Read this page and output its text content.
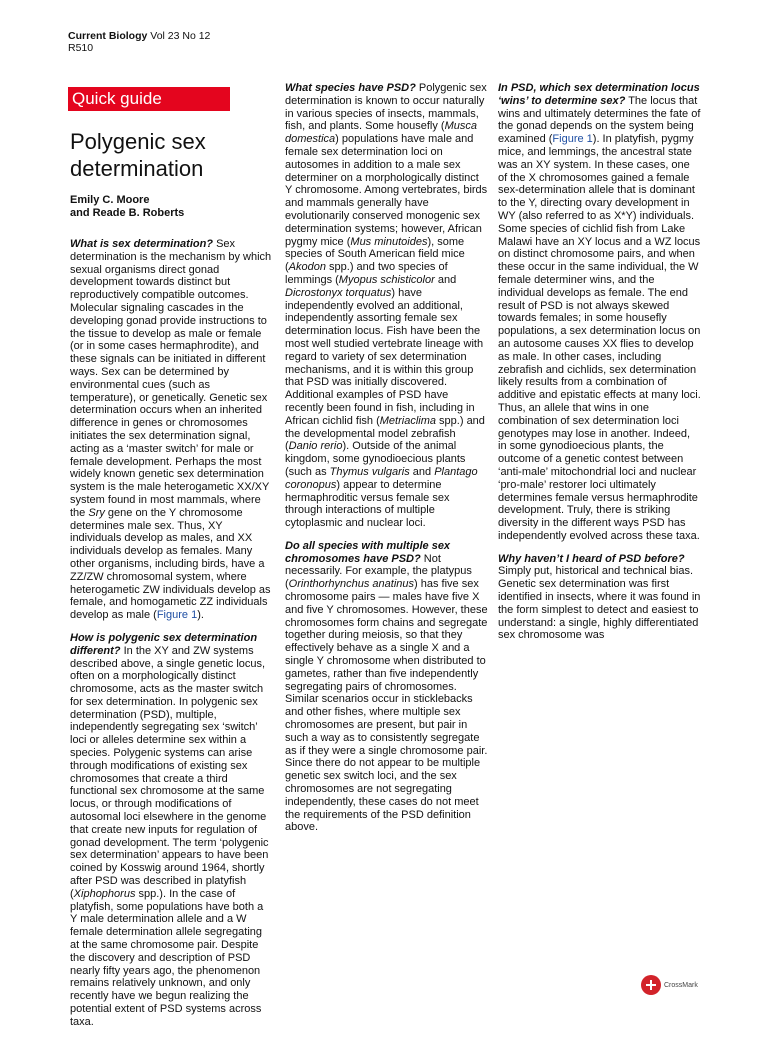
Current Biology Vol 23 No 12
R510
Quick guide
Polygenic sex
determination
Emily C. Moore
and Reade B. Roberts

What is sex determination? Sex determination is the mechanism by which sexual organisms direct gonad development towards distinct but reproductively compatible outcomes. Molecular signaling cascades in the developing gonad provide instructions to the tissue to develop as male or female (or in some cases hermaphrodite), and these signals can be initiated in different ways. Sex can be determined by environmental cues (such as temperature), or genetically. Genetic sex determination occurs when an inherited difference in genes or chromosomes initiates the sex determination signal, acting as a ‘master switch’ for male or female development. Perhaps the most widely known genetic sex determination system is the male heterogametic XX/XY system found in most mammals, where the Sry gene on the Y chromosome determines male sex. Thus, XY individuals develop as males, and XX individuals develop as females. Many other organisms, including birds, have a ZZ/ZW chromosomal system, where heterogametic ZW individuals develop as female, and homogametic ZZ individuals develop as male (Figure 1).

How is polygenic sex determination different? In the XY and ZW systems described above, a single genetic locus, often on a morphologically distinct chromosome, acts as the master switch for sex determination. In polygenic sex determination (PSD), multiple, independently segregating sex ‘switch’ loci or alleles determine sex within a species. Polygenic systems can arise through modifications of existing sex chromosomes that create a third functional sex chromosome at the same locus, or through modifications of autosomal loci elsewhere in the genome that create new inputs for regulation of gonad development. The term ‘polygenic sex determination’ appears to have been coined by Kosswig around 1964, shortly after PSD was described in platyfish (Xiphophorus spp.). In the case of platyfish, some populations have both a Y male determination allele and a W female determination allele segregating at the same chromosome pair. Despite the discovery and description of PSD nearly fifty years ago, the phenomenon remains relatively unknown, and only recently have we begun realizing the potential extent of PSD systems across taxa.

What species have PSD? Polygenic sex determination is known to occur naturally in various species of insects, mammals, fish, and plants. Some housefly (Musca domestica) populations have male and female sex determination loci on autosomes in addition to a male sex determiner on a morphologically distinct Y chromosome. Among vertebrates, birds and mammals generally have evolutionarily conserved monogenic sex determination systems; however, African pygmy mice (Mus minutoides), some species of South American field mice (Akodon spp.) and two species of lemmings (Myopus schisticolor and Dicrostonyx torquatus) have independently evolved an additional, independently assorting female sex determination locus. Fish have been the most well studied vertebrate lineage with regard to variety of sex determination mechanisms, and it is within this group that PSD was initially discovered. Additional examples of PSD have recently been found in fish, including in African cichlid fish (Metriaclima spp.) and the developmental model zebrafish (Danio rerio). Outside of the animal kingdom, some gynodioecious plants (such as Thymus vulgaris and Plantago coronopus) appear to determine hermaphroditic versus female sex through interactions of multiple cytoplasmic and nuclear loci.

Do all species with multiple sex chromosomes have PSD? Not necessarily. For example, the platypus (Orinthorhynchus anatinus) has five sex chromosome pairs — males have five X and five Y chromosomes. However, these chromosomes form chains and segregate together during meiosis, so that they effectively behave as a single X and a single Y chromosome when distributed to gametes, rather than five independently segregating pairs of chromosomes. Similar scenarios occur in sticklebacks and other fishes, where multiple sex chromosomes are present, but pair in such a way as to consistently segregate as if they were a single chromosome pair. Since there do not appear to be multiple genetic sex switch loci, and the sex chromosomes are not segregating independently, these cases do not meet the requirements of the PSD definition above.

In PSD, which sex determination locus ‘wins’ to determine sex? The locus that wins and ultimately determines the fate of the gonad depends on the system being examined (Figure 1). In platyfish, pygmy mice, and lemmings, the ancestral state was an XY system. In these cases, one of the X chromosomes gained a female sex-determination allele that is dominant to the Y, directing ovary development in WY (also referred to as X*Y) individuals. Some species of cichlid fish from Lake Malawi have an XY locus and a WZ locus on distinct chromosome pairs, and when these occur in the same individual, the W female determiner wins, and the individual develops as female. The end result of PSD is not always skewed towards females; in some housefly populations, a sex determination locus on an autosome causes XX flies to develop as male. In other cases, including zebrafish and cichlids, sex determination likely results from a combination of additive and epistatic effects at many loci. Thus, an allele that wins in one combination of sex determination loci genotypes may lose in another. Indeed, in some gynodioecious plants, the outcome of a genetic contest between ‘anti-male’ mitochondrial loci and nuclear ‘pro-male’ restorer loci ultimately determines female versus hermaphrodite development. Truly, there is striking diversity in the different ways PSD has independently evolved across these taxa.

Why haven’t I heard of PSD before? Simply put, historical and technical bias. Genetic sex determination was first identified in insects, where it was found in the form simplest to detect and easiest to understand: a single, highly differentiated sex chromosome was

CrossMark
